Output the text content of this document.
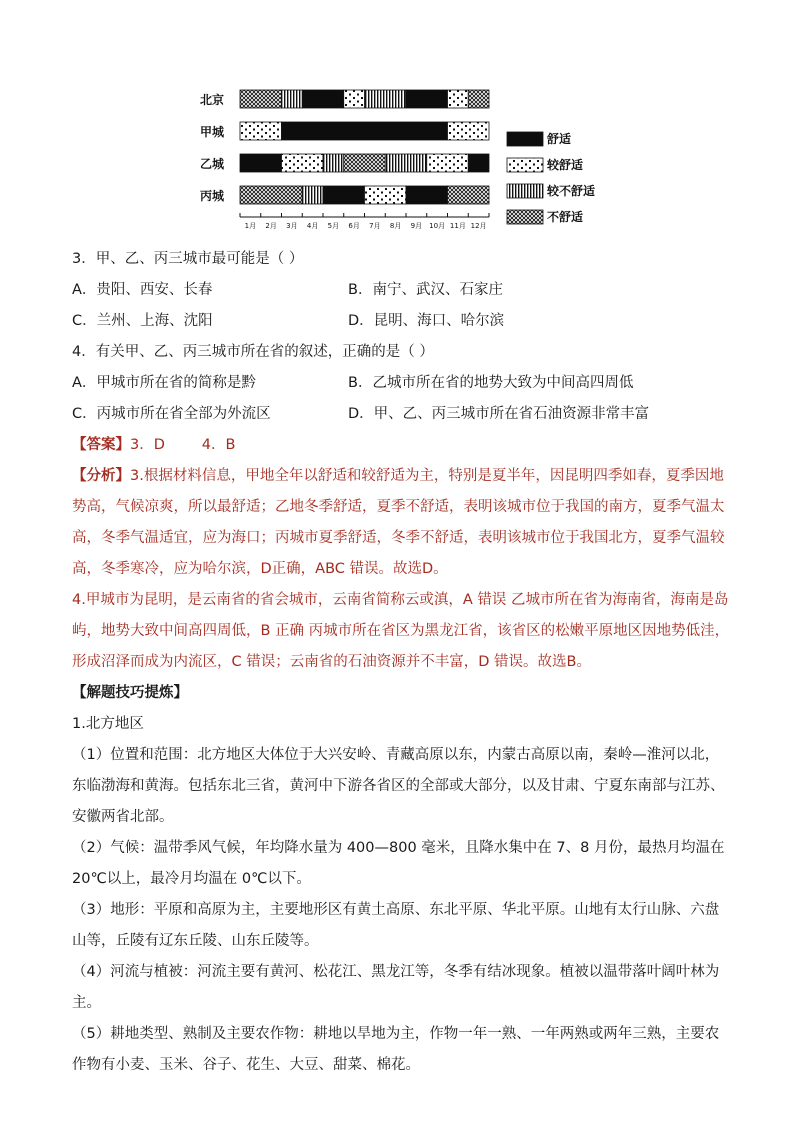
北京
甲城
乙城
丙城
1月 2月 3月 4月 5月 6月 7月 8月 9月 10月 11月 12月
舒适
较舒适
较不舒适
不舒适
3．甲、乙、丙三城市最可能是（ ）
A．贵阳、西安、长春	B．南宁、武汉、石家庄
C．兰州、上海、沈阳	D．昆明、海口、哈尔滨
4．有关甲、乙、丙三城市所在省的叙述，正确的是（ ）
A．甲城市所在省的简称是黔	B．乙城市所在省的地势大致为中间高四周低
C．丙城市所在省全部为外流区	D．甲、乙、丙三城市所在省石油资源非常丰富
【答案】3．D        4．B
【分析】3.根据材料信息，甲地全年以舒适和较舒适为主，特别是夏半年，因昆明四季如春，夏季因地势高，气候凉爽，所以最舒适；乙地冬季舒适，夏季不舒适，表明该城市位于我国的南方，夏季气温太高，冬季气温适宜，应为海口；丙城市夏季舒适，冬季不舒适，表明该城市位于我国北方，夏季气温较高，冬季寒冷，应为哈尔滨，D正确，ABC 错误。故选D。
4.甲城市为昆明，是云南省的省会城市，云南省简称云或滇，A 错误 乙城市所在省为海南省，海南是岛屿，地势大致中间高四周低，B 正确 丙城市所在省区为黑龙江省，该省区的松嫩平原地区因地势低洼，形成沼泽而成为内流区，C 错误；云南省的石油资源并不丰富，D 错误。故选B。
【解题技巧提炼】
1.北方地区
（1）位置和范围：北方地区大体位于大兴安岭、青藏高原以东，内蒙古高原以南，秦岭—淮河以北，东临渤海和黄海。包括东北三省，黄河中下游各省区的全部或大部分，以及甘肃、宁夏东南部与江苏、安徽两省北部。
（2）气候：温带季风气候，年均降水量为 400—800 毫米，且降水集中在 7、8 月份，最热月均温在 20℃以上，最冷月均温在 0℃以下。
（3）地形：平原和高原为主，主要地形区有黄土高原、东北平原、华北平原。山地有太行山脉、六盘山等，丘陵有辽东丘陵、山东丘陵等。
（4）河流与植被：河流主要有黄河、松花江、黑龙江等，冬季有结冰现象。植被以温带落叶阔叶林为主。
（5）耕地类型、熟制及主要农作物：耕地以旱地为主，作物一年一熟、一年两熟或两年三熟，主要农作物有小麦、玉米、谷子、花生、大豆、甜菜、棉花。
